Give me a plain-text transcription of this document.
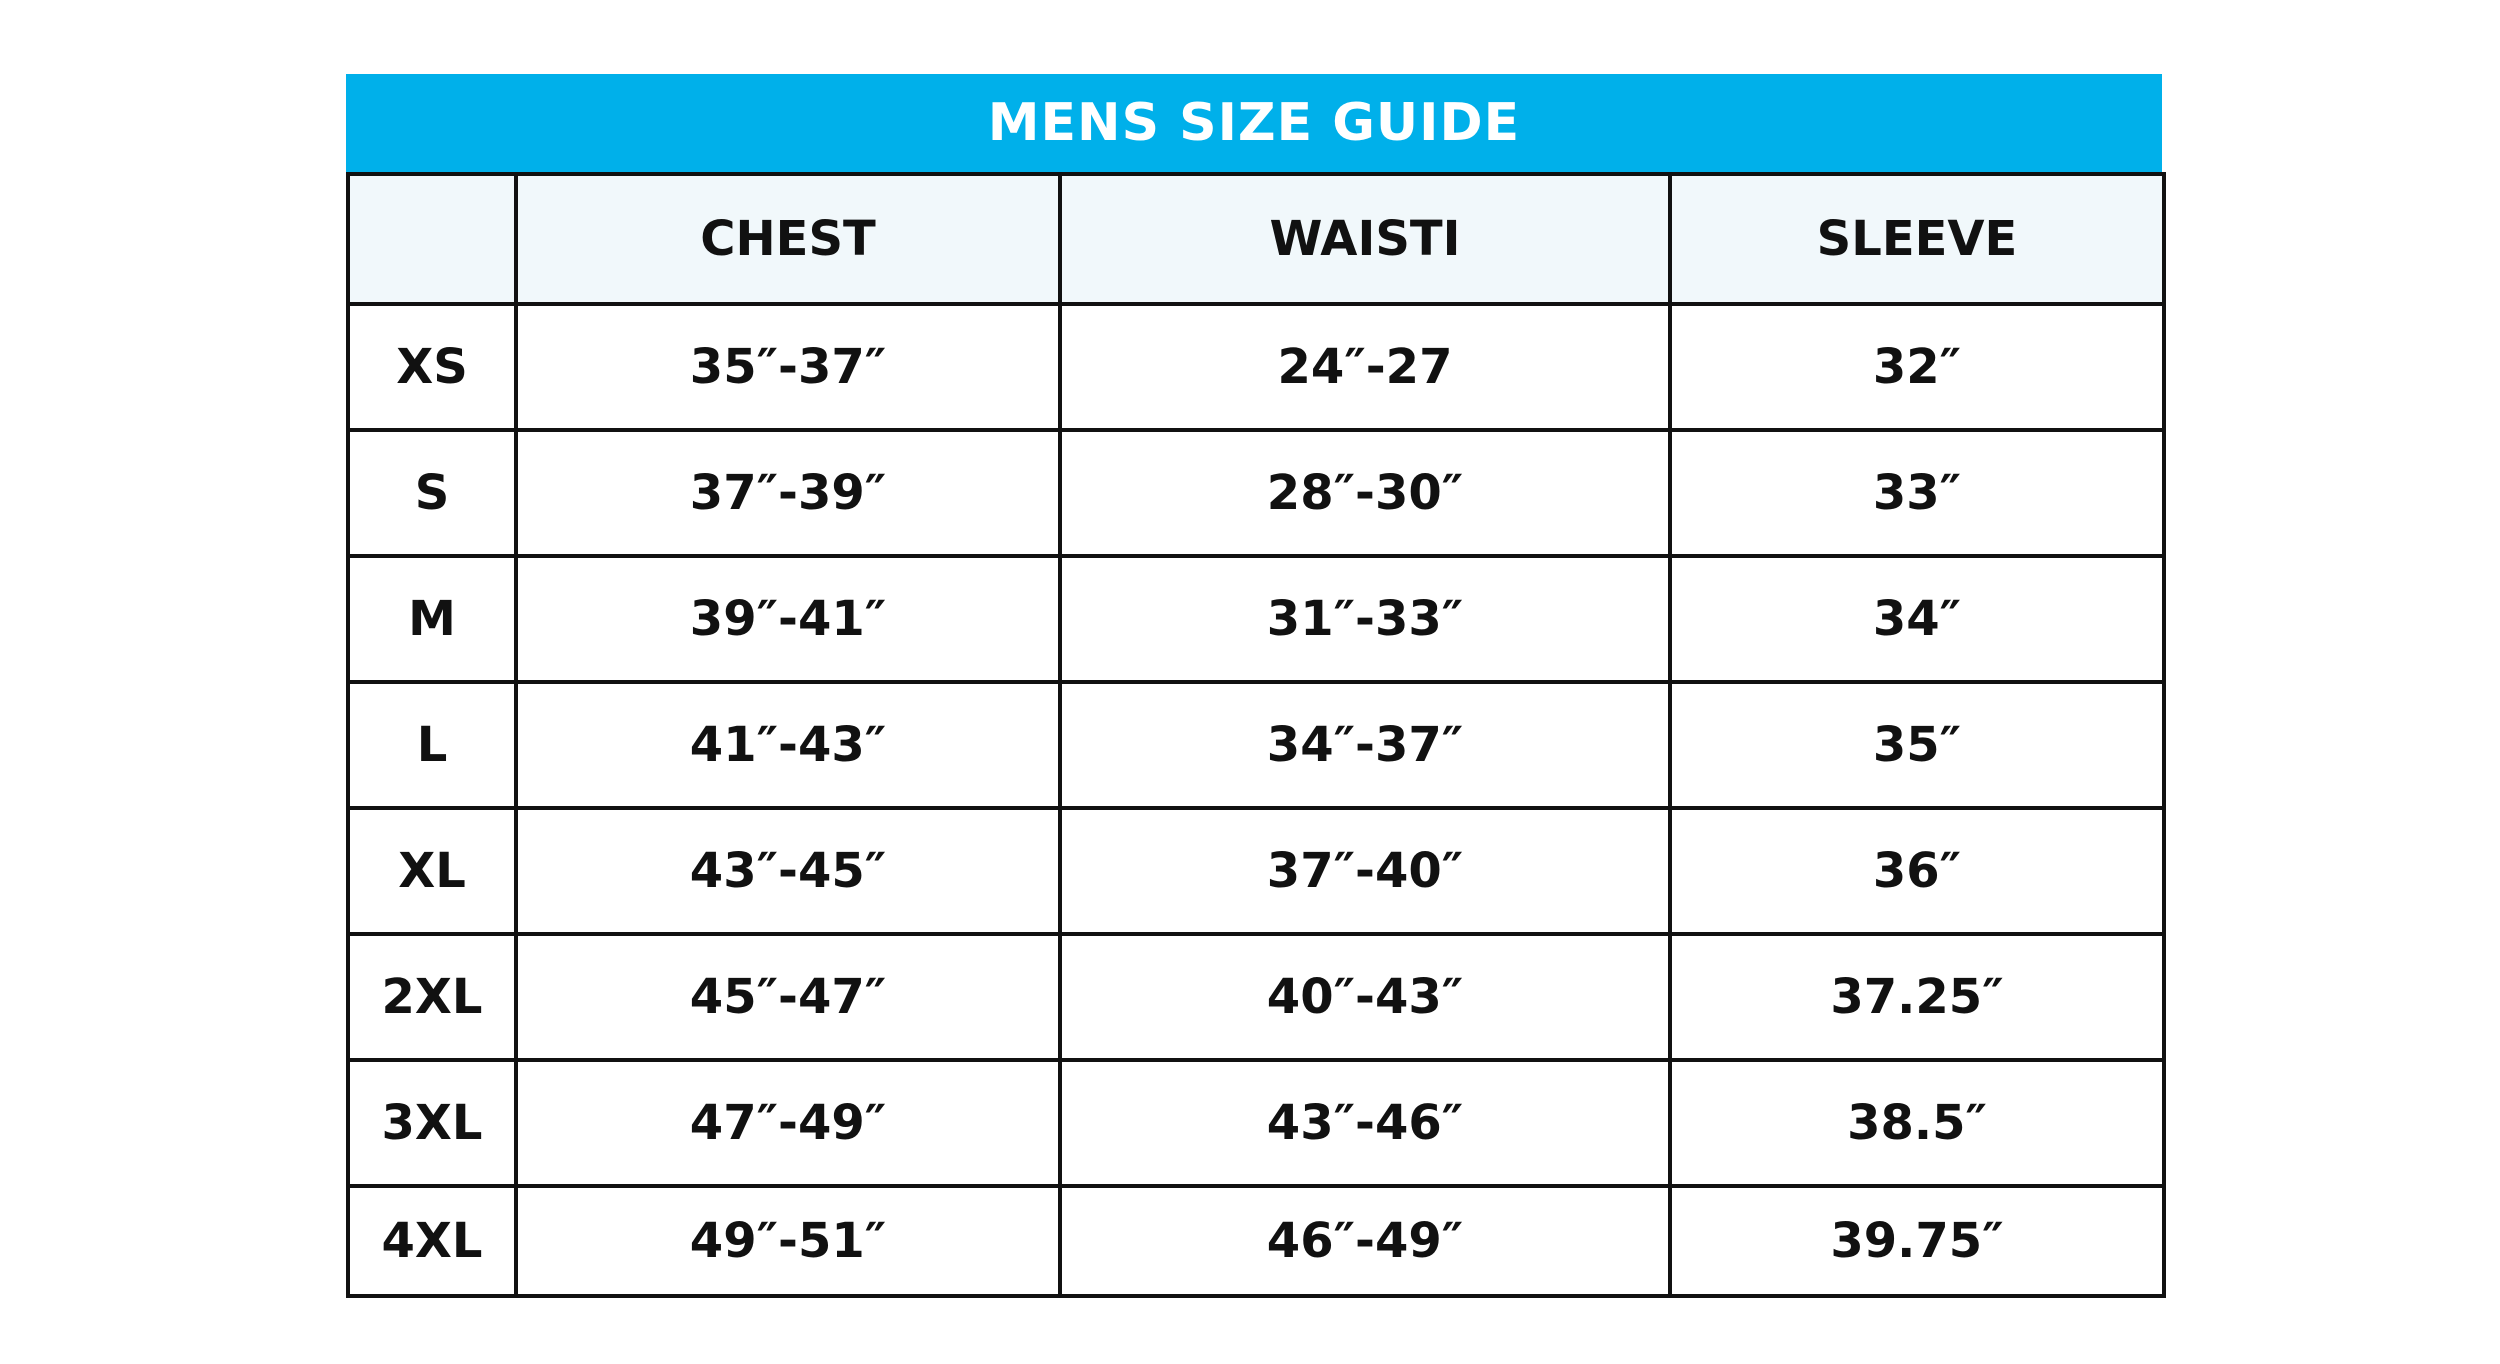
MENS SIZE GUIDE
	CHEST	WAISTI	SLEEVE
XS	35″-37″	24″-27	32″
S	37″-39″	28″-30″	33″
M	39″-41″	31″-33″	34″
L	41″-43″	34″-37″	35″
XL	43″-45″	37″-40″	36″
2XL	45″-47″	40″-43″	37.25″
3XL	47″-49″	43″-46″	38.5″
4XL	49″-51″	46″-49″	39.75″
